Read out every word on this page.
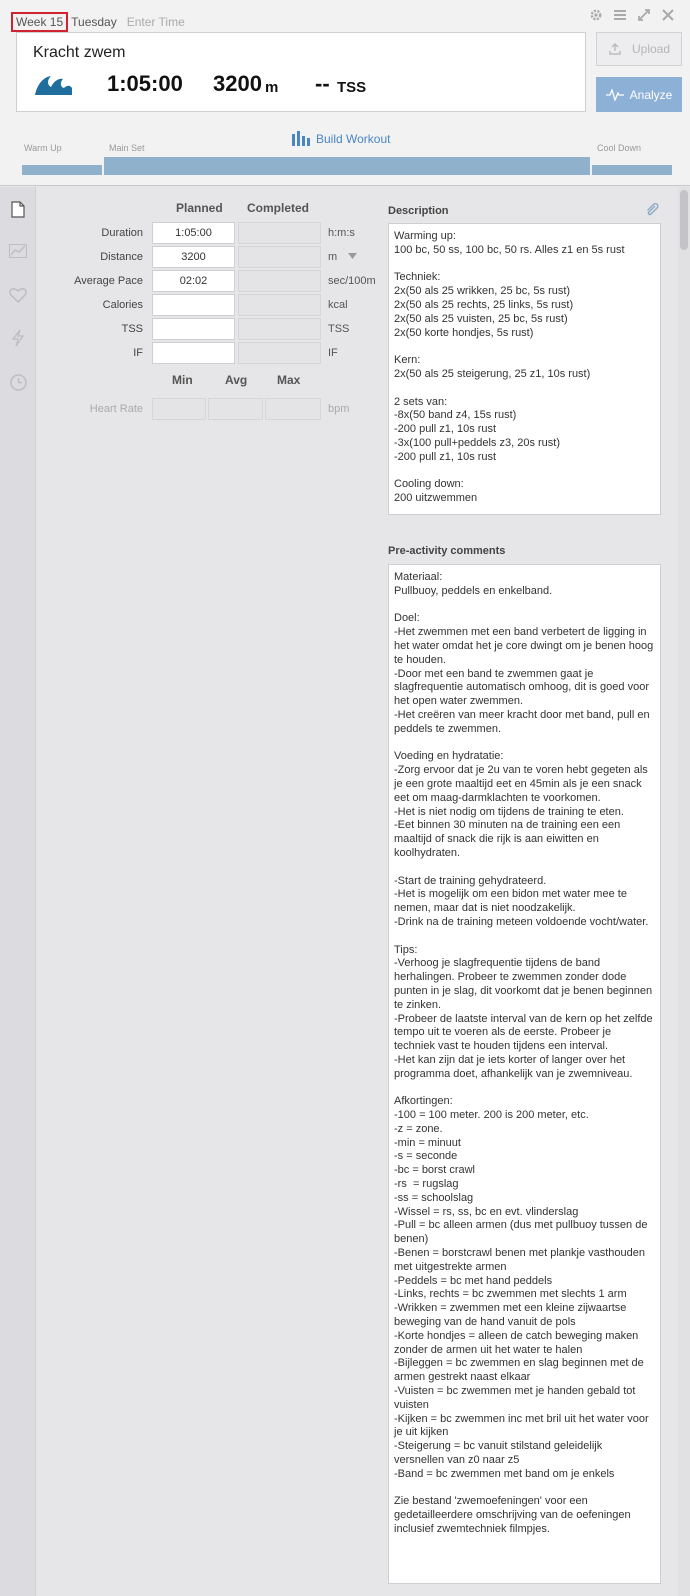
Week 15 Tuesday Enter Time
Kracht zwem
1:05:00 3200 m -- TSS
Upload
Analyze
Build Workout
Warm Up	Main Set	Cool Down
Planned Completed
Duration	1:05:00	h:m:s
Distance	3200	m
Average Pace	02:02	sec/100m
Calories	kcal
TSS	TSS
IF	IF
Min	Avg Max
Heart Rate	bpm
Description
Warming up:
100 bc, 50 ss, 100 bc, 50 rs. Alles z1 en 5s rust

Techniek:
2x(50 als 25 wrikken, 25 bc, 5s rust)
2x(50 als 25 rechts, 25 links, 5s rust)
2x(50 als 25 vuisten, 25 bc, 5s rust)
2x(50 korte hondjes, 5s rust)

Kern:
2x(50 als 25 steigerung, 25 z1, 10s rust)

2 sets van:
-8x(50 band z4, 15s rust)
-200 pull z1, 10s rust
-3x(100 pull+peddels z3, 20s rust)
-200 pull z1, 10s rust

Cooling down:
200 uitzwemmen
Pre-activity comments
Materiaal:
Pullbuoy, peddels en enkelband.

Doel:
-Het zwemmen met een band verbetert de ligging in het water omdat het je core dwingt om je benen hoog te houden.
-Door met een band te zwemmen gaat je slagfrequentie automatisch omhoog, dit is goed voor het open water zwemmen.
-Het creëren van meer kracht door met band, pull en peddels te zwemmen.

Voeding en hydratatie:
-Zorg ervoor dat je 2u van te voren hebt gegeten als je een grote maaltijd eet en 45min als je een snack eet om maag-darmklachten te voorkomen.
-Het is niet nodig om tijdens de training te eten.
-Eet binnen 30 minuten na de training een een maaltijd of snack die rijk is aan eiwitten en koolhydraten.

-Start de training gehydrateerd.
-Het is mogelijk om een bidon met water mee te nemen, maar dat is niet noodzakelijk.
-Drink na de training meteen voldoende vocht/water.

Tips:
-Verhoog je slagfrequentie tijdens de band herhalingen. Probeer te zwemmen zonder dode punten in je slag, dit voorkomt dat je benen beginnen te zinken.
-Probeer de laatste interval van de kern op het zelfde tempo uit te voeren als de eerste. Probeer je techniek vast te houden tijdens een interval.
-Het kan zijn dat je iets korter of langer over het programma doet, afhankelijk van je zwemniveau.

Afkortingen:
-100 = 100 meter. 200 is 200 meter, etc.
-z = zone.
-min = minuut
-s = seconde
-bc = borst crawl
-rs  = rugslag
-ss = schoolslag
-Wissel = rs, ss, bc en evt. vlinderslag
-Pull = bc alleen armen (dus met pullbuoy tussen de benen)
-Benen = borstcrawl benen met plankje vasthouden met uitgestrekte armen
-Peddels = bc met hand peddels
-Links, rechts = bc zwemmen met slechts 1 arm
-Wrikken = zwemmen met een kleine zijwaartse beweging van de hand vanuit de pols
-Korte hondjes = alleen de catch beweging maken zonder de armen uit het water te halen
-Bijleggen = bc zwemmen en slag beginnen met de armen gestrekt naast elkaar
-Vuisten = bc zwemmen met je handen gebald tot vuisten
-Kijken = bc zwemmen inc met bril uit het water voor je uit kijken
-Steigerung = bc vanuit stilstand geleidelijk versnellen van z0 naar z5
-Band = bc zwemmen met band om je enkels

Zie bestand 'zwemoefeningen' voor een gedetailleerdere omschrijving van de oefeningen inclusief zwemtechniek filmpjes.
